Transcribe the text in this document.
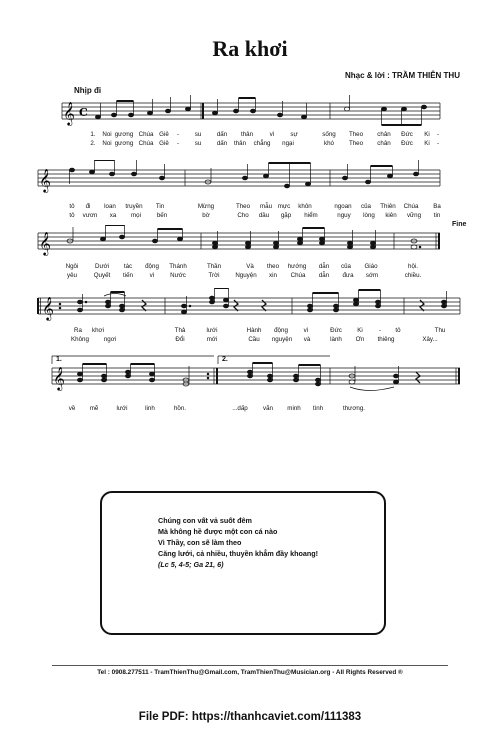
Ra khơi
Nhạc & lời : TRẦM THIÊN THU
Nhịp đi
Fine
𝄞 C
1. Noi gương Chúa Giê -	su	dấn thân	vì	sự	sống Theo chân Đức Ki -
2. Noi gương Chúa Giê -	su	dấn thân chẳng ngại	khó Theo chân Đức Ki -
𝄞
tô đi loan truyền Tin	Mừng	Theo mẫu mực khôn	ngoan của Thiên Chúa Ba
tô vươn xa mọi	bến	bờ	Cho dầu gặp hiểm	nguy lòng kiên vững tin
𝄞
Ngôi	Dưới tác động Thánh	Thần	Và theo hướng dẫn của Giáo	hội.
yêu	Quyết tiến	vì	Nước	Trời	Nguyện xin Chúa dẫn đưa sớm	chiều.
𝄞
Ra khơi	Thả	lưới	Hành động	vì	Đức Ki	- tô	Thu
Không ngơi	Đổi	mới	Cầu nguyện và	lành Ơn thiêng	Xây...
1.	2.
𝄞
về mẽ	lưới	linh	hồn.	...dấp vãn minh tình	thương.
Chúng con vất vả suốt đêm
Mà không hề được một con cá nào
Vì Thầy, con sẽ làm theo
Căng lưới, cả nhiều, thuyền khẳm đầy khoang!
(Lc 5, 4-5; Ga 21, 6)
Tel : 0908.277511 - TramThienThu@Gmail.com, TramThienThu@Musician.org - All Rights Reserved ®
File PDF: https://thanhcaviet.com/111383
